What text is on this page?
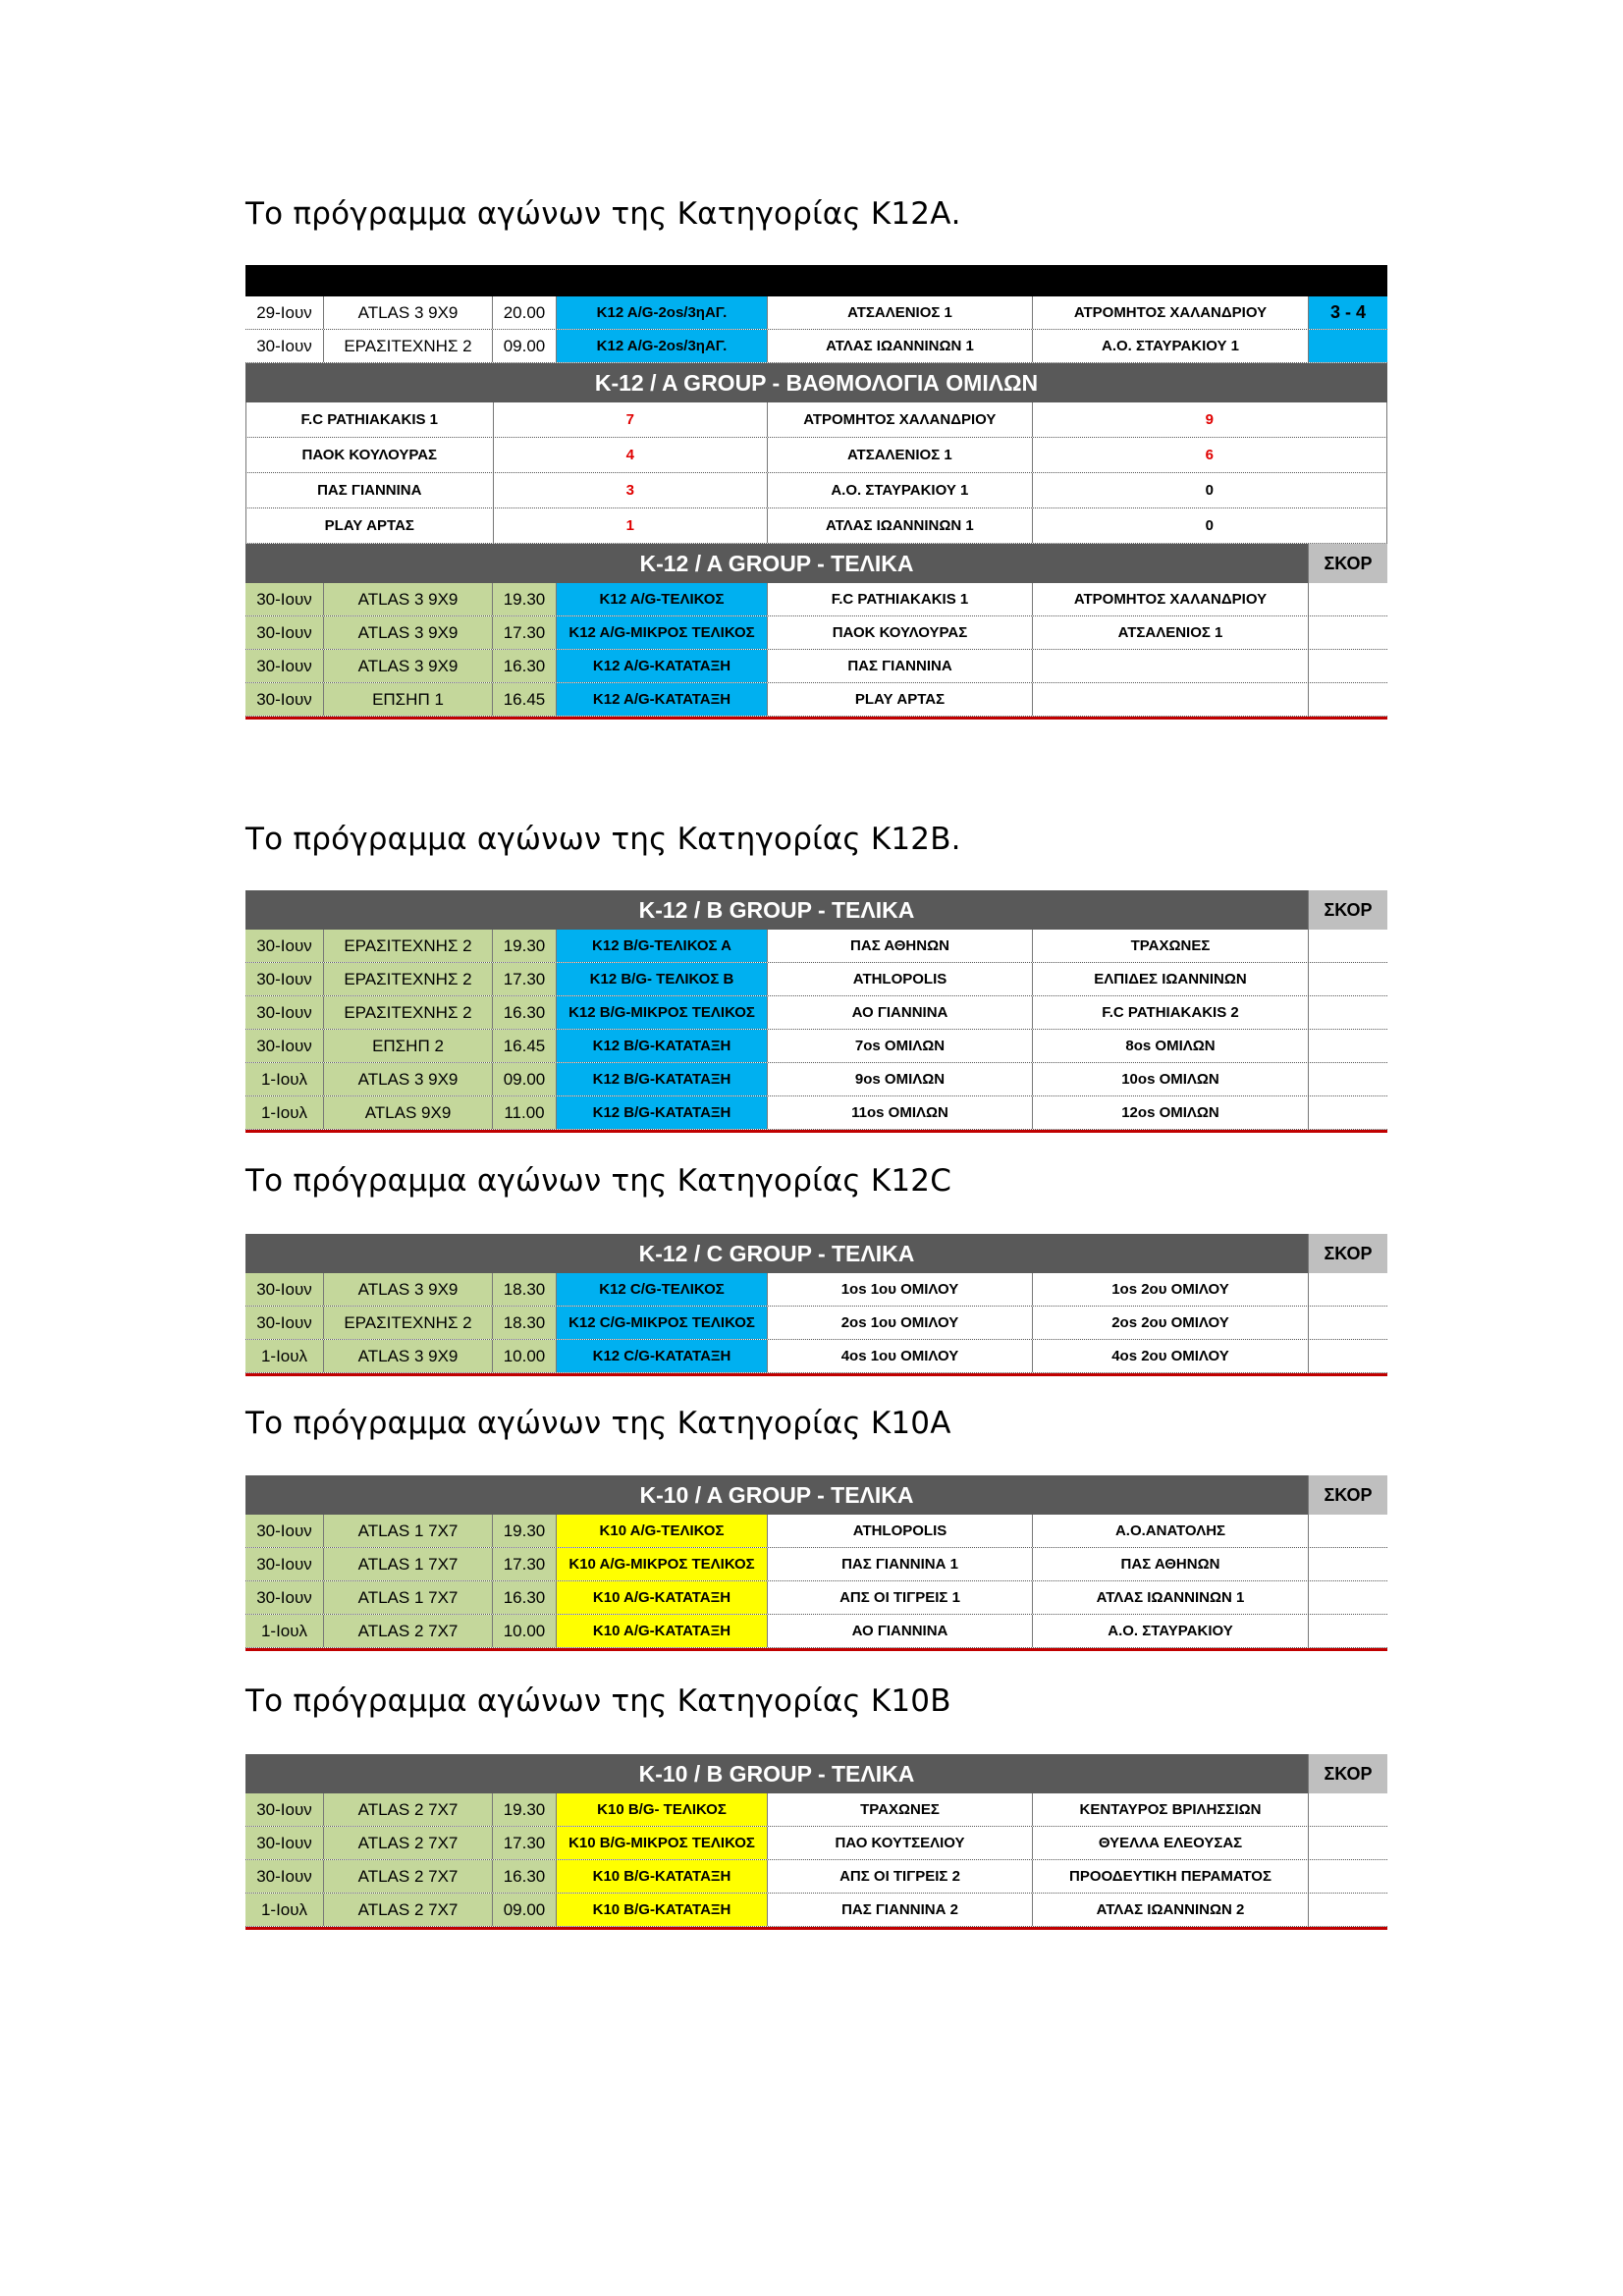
Το πρόγραμμα αγώνων της Κατηγορίας Κ12Α.
29-Ιουν	ATLAS 3 9X9	20.00	K12 A/G-2os/3ηΑΓ.	ΑΤΣΑΛΕΝΙΟΣ 1	ΑΤΡΟΜΗΤΟΣ ΧΑΛΑΝΔΡΙΟΥ	3 - 4
30-Ιουν	ΕΡΑΣΙΤΕΧΝΗΣ 2	09.00	K12 A/G-2os/3ηΑΓ.	ΑΤΛΑΣ ΙΩΑΝΝΙΝΩΝ 1	Α.Ο. ΣΤΑΥΡΑΚΙΟΥ 1
K-12 / A GROUP - ΒΑΘΜΟΛΟΓΙΑ ΟΜΙΛΩΝ
F.C PATHIAKAKIS 1	7	ΑΤΡΟΜΗΤΟΣ ΧΑΛΑΝΔΡΙΟΥ	9
ΠΑΟΚ ΚΟΥΛΟΥΡΑΣ	4	ΑΤΣΑΛΕΝΙΟΣ 1	6
ΠΑΣ ΓΙΑΝΝΙΝΑ	3	Α.Ο. ΣΤΑΥΡΑΚΙΟΥ 1	0
PLAY ΑΡΤΑΣ	1	ΑΤΛΑΣ ΙΩΑΝΝΙΝΩΝ 1	0
K-12 / A GROUP - ΤΕΛΙΚΑ	ΣΚΟΡ
30-Ιουν	ATLAS 3 9X9	19.30	K12 A/G-ΤΕΛΙΚΟΣ	F.C PATHIAKAKIS 1	ΑΤΡΟΜΗΤΟΣ ΧΑΛΑΝΔΡΙΟΥ
30-Ιουν	ATLAS 3 9X9	17.30	K12 A/G-ΜΙΚΡΟΣ ΤΕΛΙΚΟΣ	ΠΑΟΚ ΚΟΥΛΟΥΡΑΣ	ΑΤΣΑΛΕΝΙΟΣ 1
30-Ιουν	ATLAS 3 9X9	16.30	K12 A/G-ΚΑΤΑΤΑΞΗ	ΠΑΣ ΓΙΑΝΝΙΝΑ
30-Ιουν	ΕΠΣΗΠ 1	16.45	K12 A/G-ΚΑΤΑΤΑΞΗ	PLAY ΑΡΤΑΣ
Το πρόγραμμα αγώνων της Κατηγορίας Κ12Β.
K-12 / B GROUP - ΤΕΛΙΚΑ	ΣΚΟΡ
30-Ιουν	ΕΡΑΣΙΤΕΧΝΗΣ 2	19.30	K12 B/G-ΤΕΛΙΚΟΣ Α	ΠΑΣ ΑΘΗΝΩΝ	ΤΡΑΧΩΝΕΣ
30-Ιουν	ΕΡΑΣΙΤΕΧΝΗΣ 2	17.30	K12 B/G- ΤΕΛΙΚΟΣ Β	ATHLOPOLIS	ΕΛΠΙΔΕΣ ΙΩΑΝΝΙΝΩΝ
30-Ιουν	ΕΡΑΣΙΤΕΧΝΗΣ 2	16.30	K12 B/G-ΜΙΚΡΟΣ ΤΕΛΙΚΟΣ	ΑΟ ΓΙΑΝΝΙΝΑ	F.C PATHIAKAKIS 2
30-Ιουν	ΕΠΣΗΠ 2	16.45	K12 B/G-ΚΑΤΑΤΑΞΗ	7os ΟΜΙΛΩΝ	8os ΟΜΙΛΩΝ
1-Ιουλ	ATLAS 3 9X9	09.00	K12 B/G-ΚΑΤΑΤΑΞΗ	9os ΟΜΙΛΩΝ	10os ΟΜΙΛΩΝ
1-Ιουλ	ATLAS 9X9	11.00	K12 B/G-ΚΑΤΑΤΑΞΗ	11os ΟΜΙΛΩΝ	12os ΟΜΙΛΩΝ
Το πρόγραμμα αγώνων της Κατηγορίας Κ12C
K-12 / C GROUP - ΤΕΛΙΚΑ	ΣΚΟΡ
30-Ιουν	ATLAS 3 9X9	18.30	K12 C/G-ΤΕΛΙΚΟΣ	1os 1ου ΟΜΙΛΟΥ	1os 2ου ΟΜΙΛΟΥ
30-Ιουν	ΕΡΑΣΙΤΕΧΝΗΣ 2	18.30	K12 C/G-ΜΙΚΡΟΣ ΤΕΛΙΚΟΣ	2os 1ου ΟΜΙΛΟΥ	2os 2ου ΟΜΙΛΟΥ
1-Ιουλ	ATLAS 3 9X9	10.00	K12 C/G-ΚΑΤΑΤΑΞΗ	4os 1ου ΟΜΙΛΟΥ	4os 2ου ΟΜΙΛΟΥ
Το πρόγραμμα αγώνων της Κατηγορίας Κ10Α
K-10 / A GROUP - ΤΕΛΙΚΑ	ΣΚΟΡ
30-Ιουν	ATLAS 1 7X7	19.30	K10 A/G-ΤΕΛΙΚΟΣ	ATHLOPOLIS	Α.Ο.ΑΝΑΤΟΛΗΣ
30-Ιουν	ATLAS 1 7X7	17.30	K10 A/G-ΜΙΚΡΟΣ ΤΕΛΙΚΟΣ	ΠΑΣ ΓΙΑΝΝΙΝΑ 1	ΠΑΣ ΑΘΗΝΩΝ
30-Ιουν	ATLAS 1 7X7	16.30	K10 A/G-ΚΑΤΑΤΑΞΗ	ΑΠΣ ΟΙ ΤΙΓΡΕΙΣ 1	ΑΤΛΑΣ ΙΩΑΝΝΙΝΩΝ 1
1-Ιουλ	ATLAS 2 7X7	10.00	K10 A/G-ΚΑΤΑΤΑΞΗ	ΑΟ ΓΙΑΝΝΙΝΑ	Α.Ο. ΣΤΑΥΡΑΚΙΟΥ
Το πρόγραμμα αγώνων της Κατηγορίας Κ10Β
K-10 / B GROUP - ΤΕΛΙΚΑ	ΣΚΟΡ
30-Ιουν	ATLAS 2 7X7	19.30	K10 B/G- ΤΕΛΙΚΟΣ	ΤΡΑΧΩΝΕΣ	ΚΕΝΤΑΥΡΟΣ ΒΡΙΛΗΣΣΙΩΝ
30-Ιουν	ATLAS 2 7X7	17.30	K10 B/G-ΜΙΚΡΟΣ ΤΕΛΙΚΟΣ	ΠΑΟ ΚΟΥΤΣΕΛΙΟΥ	ΘΥΕΛΛΑ ΕΛΕΟΥΣΑΣ
30-Ιουν	ATLAS 2 7X7	16.30	K10 B/G-ΚΑΤΑΤΑΞΗ	ΑΠΣ ΟΙ ΤΙΓΡΕΙΣ 2	ΠΡΟΟΔΕΥΤΙΚΗ ΠΕΡΑΜΑΤΟΣ
1-Ιουλ	ATLAS 2 7X7	09.00	K10 B/G-ΚΑΤΑΤΑΞΗ	ΠΑΣ ΓΙΑΝΝΙΝΑ 2	ΑΤΛΑΣ ΙΩΑΝΝΙΝΩΝ 2
